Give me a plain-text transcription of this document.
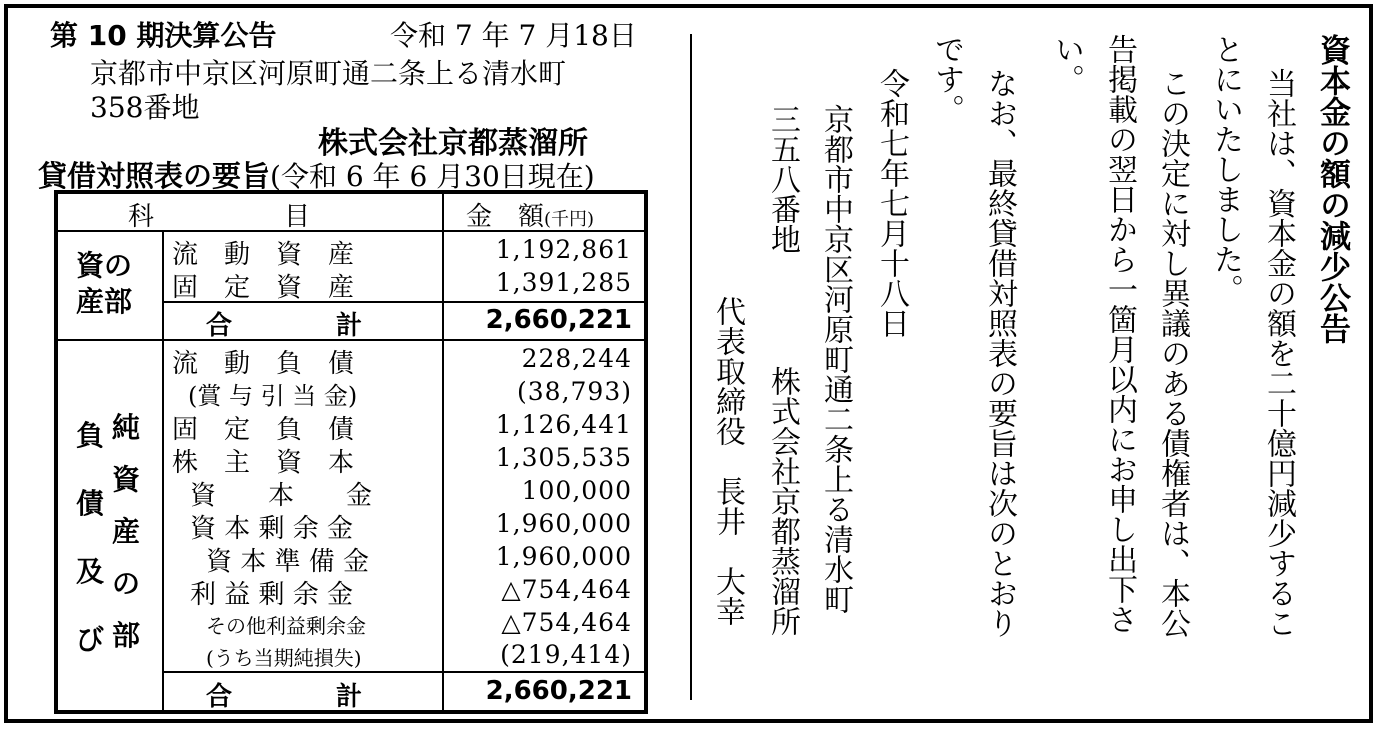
第 10 期決算公告	令和 7 年 7 月18日
京都市中京区河原町通二条上る清水町
358番地
株式会社京都蒸溜所
貸借対照表の要旨(令和 6 年 6 月30日現在)
科　　　　　目	金　額(千円)
資の
産部
流　動　資　産	1,192,861
固　定　資　産	1,391,285
合　　　　計	2,660,221
負
債
及
び
純
資
産
の
部
流　動　負　債	228,244
(賞 与 引 当 金)	(38,793)
固　定　負　債	1,126,441
株　主　資　本	1,305,535
資　　本　　金	100,000
資 本 剰 余 金	1,960,000
資 本 準 備 金	1,960,000
利 益 剰 余 金	△754,464
その他利益剰余金	△754,464
(うち当期純損失)	(219,414)
合　　　　計	2,660,221
資本金の額の減少公告
当社は、資本金の額を二十億円減少するこ
とにいたしました。
この決定に対し異議のある債権者は、本公
告掲載の翌日から一箇月以内にお申し出下さ
い。
なお、最終貸借対照表の要旨は次のとおり
です。
令和七年七月十八日
京都市中京区河原町通二条上る清水町
三五八番地
株式会社京都蒸溜所
代表取締役　長井　大幸
